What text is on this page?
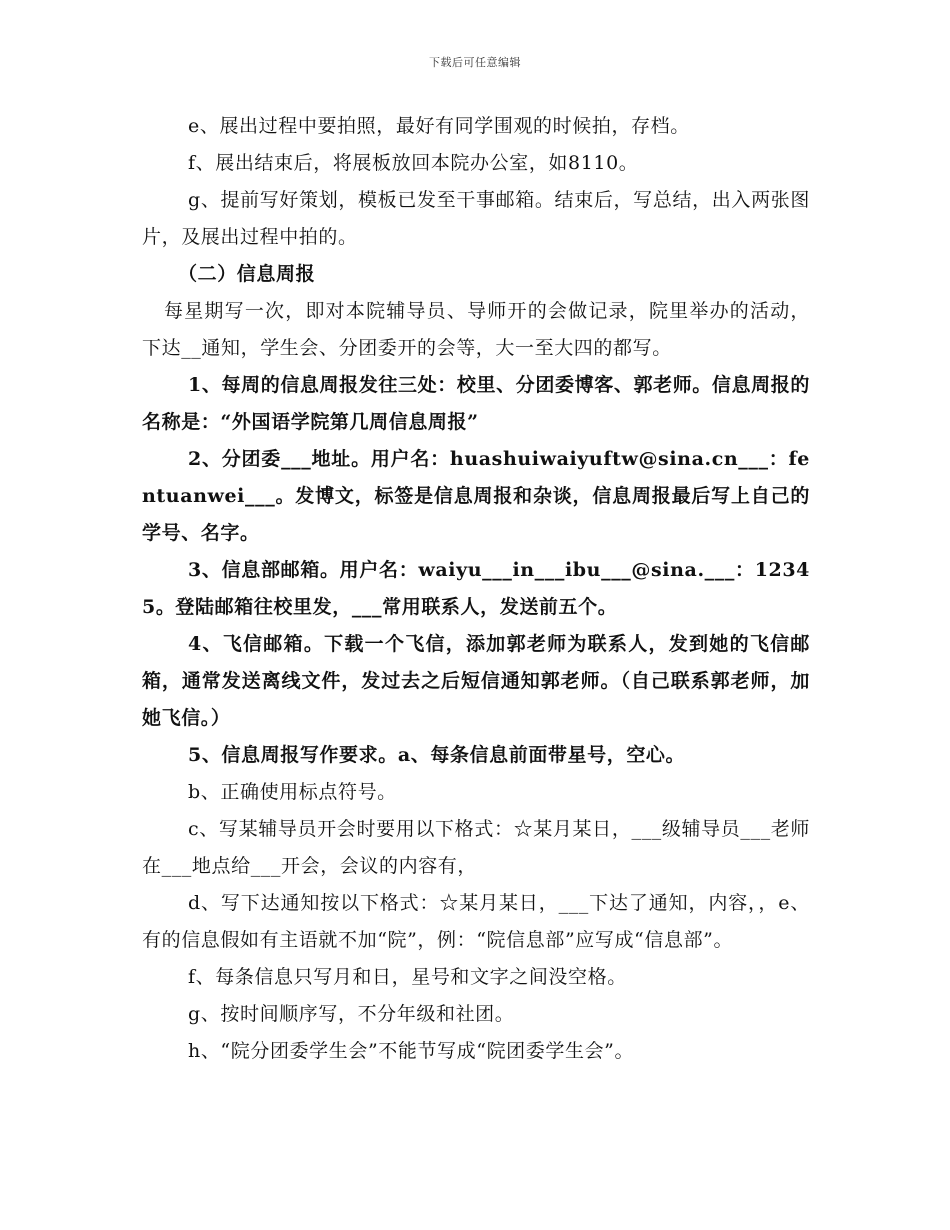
下载后可任意编辑

e、展出过程中要拍照，最好有同学围观的时候拍，存档。

f、展出结束后，将展板放回本院办公室，如8110。

g、提前写好策划，模板已发至干事邮箱。结束后，写总结，出入两张图片，及展出过程中拍的。

（二）信息周报

每星期写一次，即对本院辅导员、导师开的会做记录，院里举办的活动，下达__通知，学生会、分团委开的会等，大一至大四的都写。

1、每周的信息周报发往三处：校里、分团委博客、郭老师。信息周报的名称是：“外国语学院第几周信息周报”

2、分团委___地址。用户名：huashuiwaiyuftw@sina.cn___：fentuanwei___。发博文，标签是信息周报和杂谈，信息周报最后写上自己的学号、名字。

3、信息部邮箱。用户名：waiyu___in___ibu___@sina.___：12345。登陆邮箱往校里发，___常用联系人，发送前五个。

4、飞信邮箱。下载一个飞信，添加郭老师为联系人，发到她的飞信邮箱，通常发送离线文件，发过去之后短信通知郭老师。（自己联系郭老师，加她飞信。）

5、信息周报写作要求。a、每条信息前面带星号，空心。

b、正确使用标点符号。

c、写某辅导员开会时要用以下格式：☆某月某日，___级辅导员___老师在___地点给___开会，会议的内容有，

d、写下达通知按以下格式：☆某月某日，___下达了通知，内容，，e、有的信息假如有主语就不加“院”，例：“院信息部”应写成“信息部”。

f、每条信息只写月和日，星号和文字之间没空格。

g、按时间顺序写，不分年级和社团。

h、“院分团委学生会”不能节写成“院团委学生会”。
